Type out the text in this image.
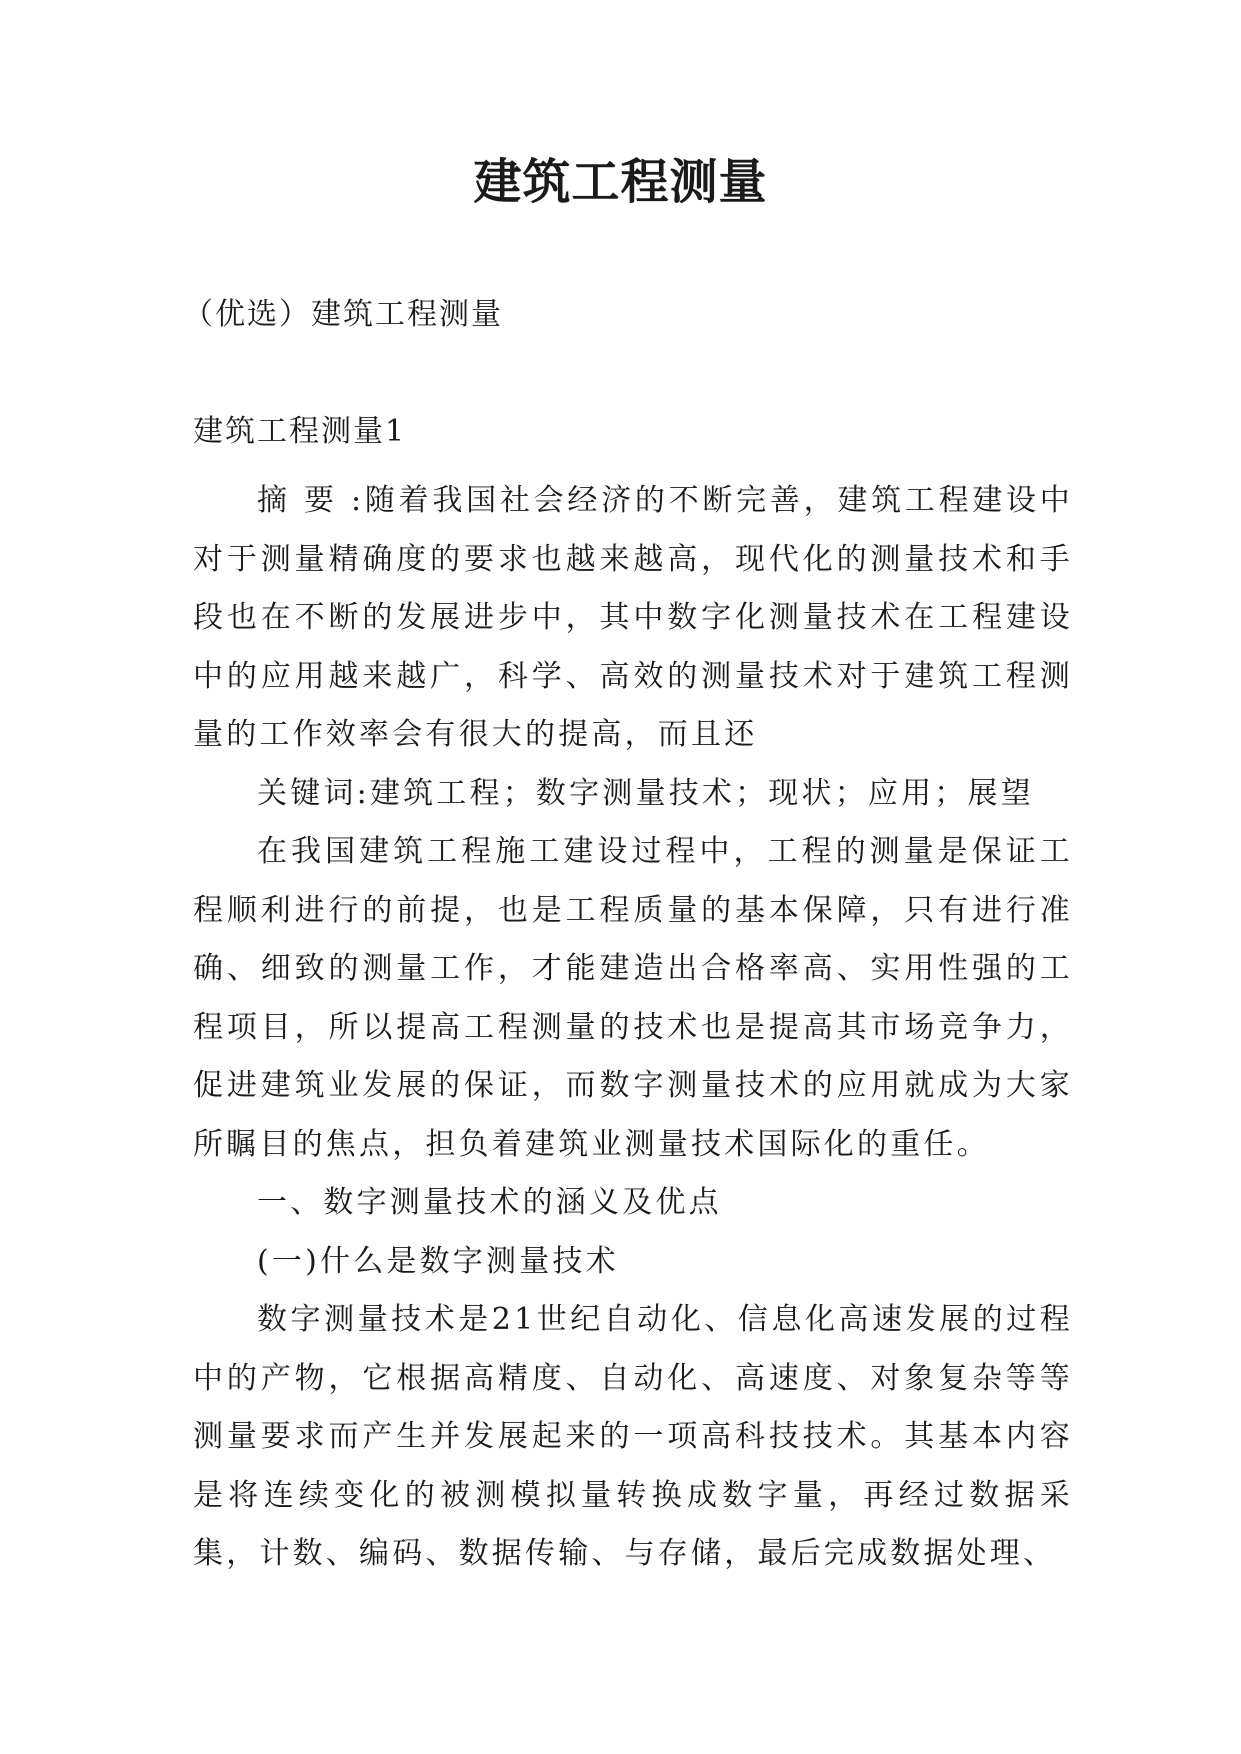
建筑工程测量
（优选）建筑工程测量
建筑工程测量1

摘 要 :随着我国社会经济的不断完善，建筑工程建设中对于测量精确度的要求也越来越高，现代化的测量技术和手段也在不断的发展进步中，其中数字化测量技术在工程建设中的应用越来越广，科学、高效的测量技术对于建筑工程测量的工作效率会有很大的提高，而且还

关键词:建筑工程；数字测量技术；现状；应用；展望

在我国建筑工程施工建设过程中，工程的测量是保证工程顺利进行的前提，也是工程质量的基本保障，只有进行准确、细致的测量工作，才能建造出合格率高、实用性强的工程项目，所以提高工程测量的技术也是提高其市场竞争力，促进建筑业发展的保证，而数字测量技术的应用就成为大家所瞩目的焦点，担负着建筑业测量技术国际化的重任。

一、数字测量技术的涵义及优点

(一)什么是数字测量技术

数字测量技术是21世纪自动化、信息化高速发展的过程中的产物，它根据高精度、自动化、高速度、对象复杂等等测量要求而产生并发展起来的一项高科技技术。其基本内容是将连续变化的被测模拟量转换成数字量，再经过数据采集，计数、编码、数据传输、与存储，最后完成数据处理、
